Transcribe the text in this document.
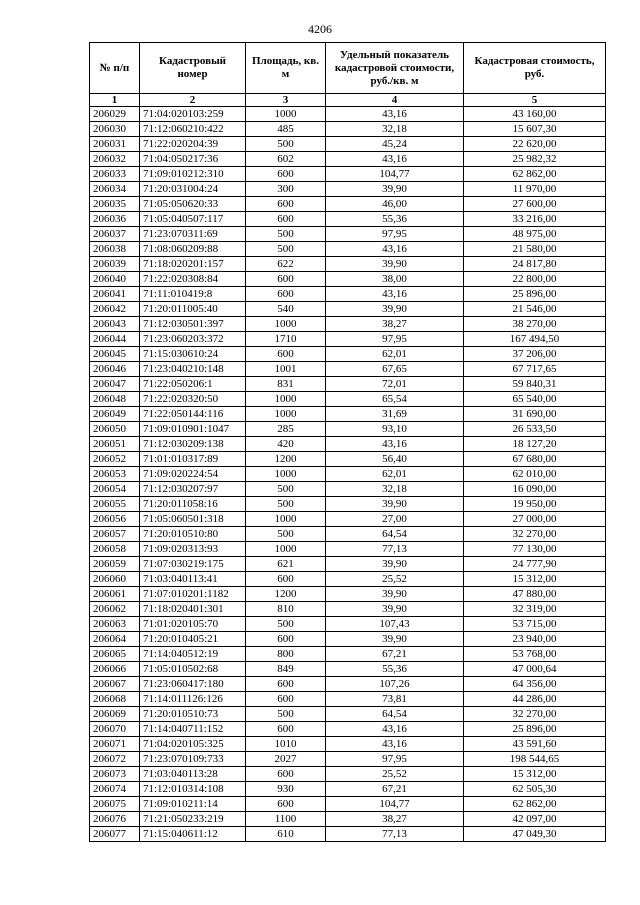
4206
№ п/п	Кадастровый номер	Площадь, кв. м	Удельный показатель кадастровой стоимости, руб./кв. м	Кадастровая стоимость, руб.
1	2	3	4	5
206029	71:04:020103:259	1000	43,16	43 160,00
206030	71:12:060210:422	485	32,18	15 607,30
206031	71:22:020204:39	500	45,24	22 620,00
206032	71:04:050217:36	602	43,16	25 982,32
206033	71:09:010212:310	600	104,77	62 862,00
206034	71:20:031004:24	300	39,90	11 970,00
206035	71:05:050620:33	600	46,00	27 600,00
206036	71:05:040507:117	600	55,36	33 216,00
206037	71:23:070311:69	500	97,95	48 975,00
206038	71:08:060209:88	500	43,16	21 580,00
206039	71:18:020201:157	622	39,90	24 817,80
206040	71:22:020308:84	600	38,00	22 800,00
206041	71:11:010419:8	600	43,16	25 896,00
206042	71:20:011005:40	540	39,90	21 546,00
206043	71:12:030501:397	1000	38,27	38 270,00
206044	71:23:060203:372	1710	97,95	167 494,50
206045	71:15:030610:24	600	62,01	37 206,00
206046	71:23:040210:148	1001	67,65	67 717,65
206047	71:22:050206:1	831	72,01	59 840,31
206048	71:22:020320:50	1000	65,54	65 540,00
206049	71:22:050144:116	1000	31,69	31 690,00
206050	71:09:010901:1047	285	93,10	26 533,50
206051	71:12:030209:138	420	43,16	18 127,20
206052	71:01:010317:89	1200	56,40	67 680,00
206053	71:09:020224:54	1000	62,01	62 010,00
206054	71:12:030207:97	500	32,18	16 090,00
206055	71:20:011058:16	500	39,90	19 950,00
206056	71:05:060501:318	1000	27,00	27 000,00
206057	71:20:010510:80	500	64,54	32 270,00
206058	71:09:020313:93	1000	77,13	77 130,00
206059	71:07:030219:175	621	39,90	24 777,90
206060	71:03:040113:41	600	25,52	15 312,00
206061	71:07:010201:1182	1200	39,90	47 880,00
206062	71:18:020401:301	810	39,90	32 319,00
206063	71:01:020105:70	500	107,43	53 715,00
206064	71:20:010405:21	600	39,90	23 940,00
206065	71:14:040512:19	800	67,21	53 768,00
206066	71:05:010502:68	849	55,36	47 000,64
206067	71:23:060417:180	600	107,26	64 356,00
206068	71:14:011126:126	600	73,81	44 286,00
206069	71:20:010510:73	500	64,54	32 270,00
206070	71:14:040711:152	600	43,16	25 896,00
206071	71:04:020105:325	1010	43,16	43 591,60
206072	71:23:070109:733	2027	97,95	198 544,65
206073	71:03:040113:28	600	25,52	15 312,00
206074	71:12:010314:108	930	67,21	62 505,30
206075	71:09:010211:14	600	104,77	62 862,00
206076	71:21:050233:219	1100	38,27	42 097,00
206077	71:15:040611:12	610	77,13	47 049,30
